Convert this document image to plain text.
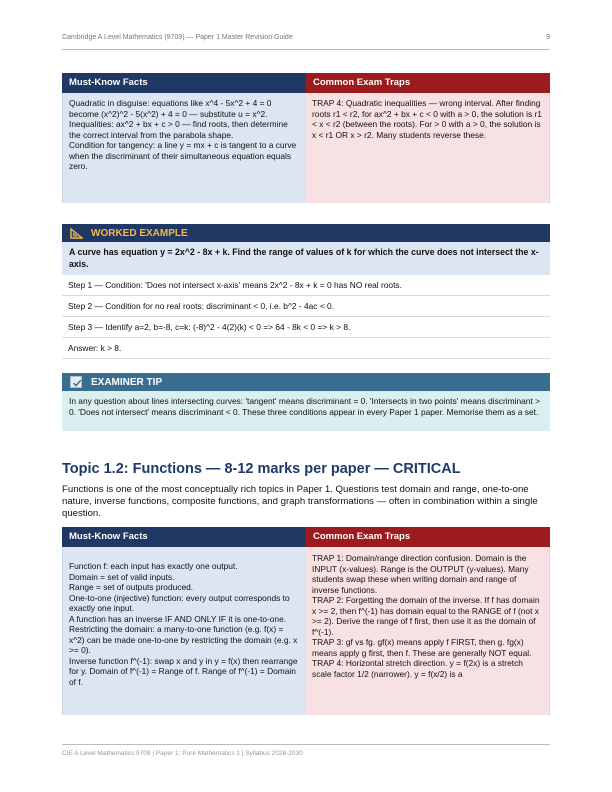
Cambridge A Level Mathematics (9709) — Paper 1 Master Revision Guide	9
Must-Know Facts

Quadratic in disguise: equations like x^4 - 5x^2 + 4 = 0 become (x^2)^2 - 5(x^2) + 4 = 0 — substitute u = x^2.

Inequalities: ax^2 + bx + c > 0 — find roots, then determine the correct interval from the parabola shape.

Condition for tangency: a line y = mx + c is tangent to a curve when the discriminant of their simultaneous equation equals zero.

Common Exam Traps

TRAP 4: Quadratic inequalities — wrong interval. After finding roots r1 < r2, for ax^2 + bx + c < 0 with a > 0, the solution is r1 < x < r2 (between the roots). For > 0 with a > 0, the solution is x < r1 OR x > r2. Many students reverse these.

WORKED EXAMPLE
A curve has equation y = 2x^2 - 8x + k. Find the range of values of k for which the curve does not intersect the x-axis.
Step 1 — Condition: 'Does not intersect x-axis' means 2x^2 - 8x + k = 0 has NO real roots.
Step 2 — Condition for no real roots: discriminant < 0, i.e. b^2 - 4ac < 0.
Step 3 — Identify a=2, b=-8, c=k: (-8)^2 - 4(2)(k) < 0 => 64 - 8k < 0 => k > 8.
Answer: k > 8.
EXAMINER TIP
In any question about lines intersecting curves: 'tangent' means discriminant = 0. 'Intersects in two points' means discriminant > 0. 'Does not intersect' means discriminant < 0. These three conditions appear in every Paper 1 paper. Memorise them as a set.
Topic 1.2: Functions — 8-12 marks per paper — CRITICAL
Functions is one of the most conceptually rich topics in Paper 1. Questions test domain and range, one-to-one nature, inverse functions, composite functions, and graph transformations — often in combination within a single question.
Must-Know Facts

Function f: each input has exactly one output.

Domain = set of valid inputs.

Range = set of outputs produced.

One-to-one (injective) function: every output corresponds to exactly one input.

A function has an inverse IF AND ONLY IF it is one-to-one.

Restricting the domain: a many-to-one function (e.g. f(x) = x^2) can be made one-to-one by restricting the domain (e.g. x >= 0).

Inverse function f^(-1): swap x and y in y = f(x) then rearrange for y. Domain of f^(-1) = Range of f. Range of f^(-1) = Domain of f.

Common Exam Traps

TRAP 1: Domain/range direction confusion. Domain is the INPUT (x-values). Range is the OUTPUT (y-values). Many students swap these when writing domain and range of inverse functions.

TRAP 2: Forgetting the domain of the inverse. If f has domain x >= 2, then f^(-1) has domain equal to the RANGE of f (not x >= 2). Derive the range of f first, then use it as the domain of f^(-1).

TRAP 3: gf vs fg. gf(x) means apply f FIRST, then g. fg(x) means apply g first, then f. These are generally NOT equal.

TRAP 4: Horizontal stretch direction. y = f(2x) is a stretch scale factor 1/2 (narrower). y = f(x/2) is a

CIE A Level Mathematics 9709 | Paper 1: Pure Mathematics 1 | Syllabus 2028-2030
